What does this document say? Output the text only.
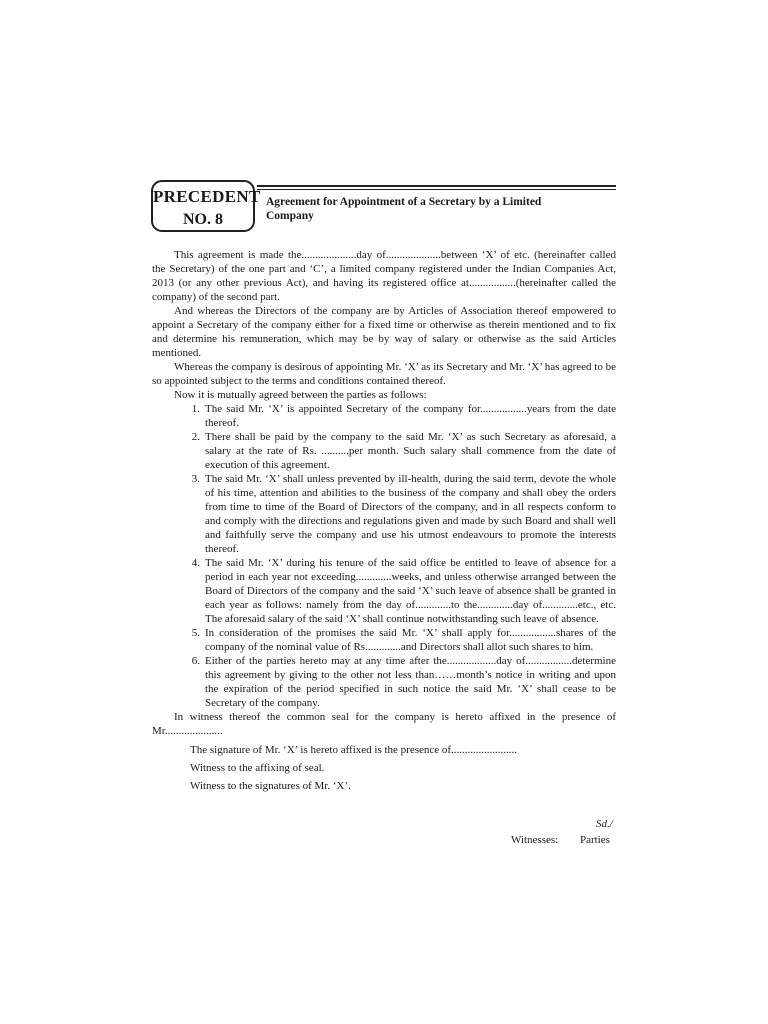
PRECEDENT
NO. 8
Agreement for Appointment of a Secretary by a Limited Company

This agreement is made the....................day of....................between ‘X’ of etc. (hereinafter called the Secretary) of the one part and ‘C’, a limited company registered under the Indian Companies Act, 2013 (or any other previous Act), and having its registered office at.................(hereinafter called the company) of the second part.

And whereas the Directors of the company are by Articles of Association thereof empowered to appoint a Secretary of the company either for a fixed time or otherwise as therein mentioned and to fix and determine his remuneration, which may be by way of salary or otherwise as the said Articles mentioned.

Whereas the company is desirous of appointing Mr. ‘X’ as its Secretary and Mr. ‘X’ has agreed to be so appointed subject to the terms and conditions contained thereof.

Now it is mutually agreed between the parties as follows:

1. The said Mr. ‘X’ is appointed Secretary of the company for.................years from the date thereof.
2. There shall be paid by the company to the said Mr. ‘X’ as such Secretary as aforesaid, a salary at the rate of Rs. ..........per month. Such salary shall commence from the date of execution of this agreement.
3. The said Mr. ‘X’ shall unless prevented by ill-health, during the said term, devote the whole of his time, attention and abilities to the business of the company and shall obey the orders from time to time of the Board of Directors of the company, and in all respects conform to and comply with the directions and regulations given and made by such Board and shall well and faithfully serve the company and use his utmost endeavours to promote the interests thereof.
4. The said Mr. ‘X’ during his tenure of the said office be entitled to leave of absence for a period in each year not exceeding.............weeks, and unless otherwise arranged between the Board of Directors of the company and the said ‘X’ such leave of absence shall be granted in each year as follows: namely from the day of.............to the.............day of.............etc., etc. The aforesaid salary of the said ‘X’ shall continue notwithstanding such leave of absence.
5. In consideration of the promises the said Mr. ‘X’ shall apply for.................shares of the company of the nominal value of Rs.............and Directors shall allot such shares to him.
6. Either of the parties hereto may at any time after the..................day of.................determine this agreement by giving to the other not less than……month’s notice in writing and upon the expiration of the period specified in such notice the said Mr. ‘X’ shall cease to be Secretary of the company.

In witness thereof the common seal for the company is hereto affixed in the presence of Mr.....................

The signature of Mr. ‘X’ is hereto affixed is the presence of........................
Witness to the affixing of seal.
Witness to the signatures of Mr. ‘X’.
Sd./
Witnesses: Parties
